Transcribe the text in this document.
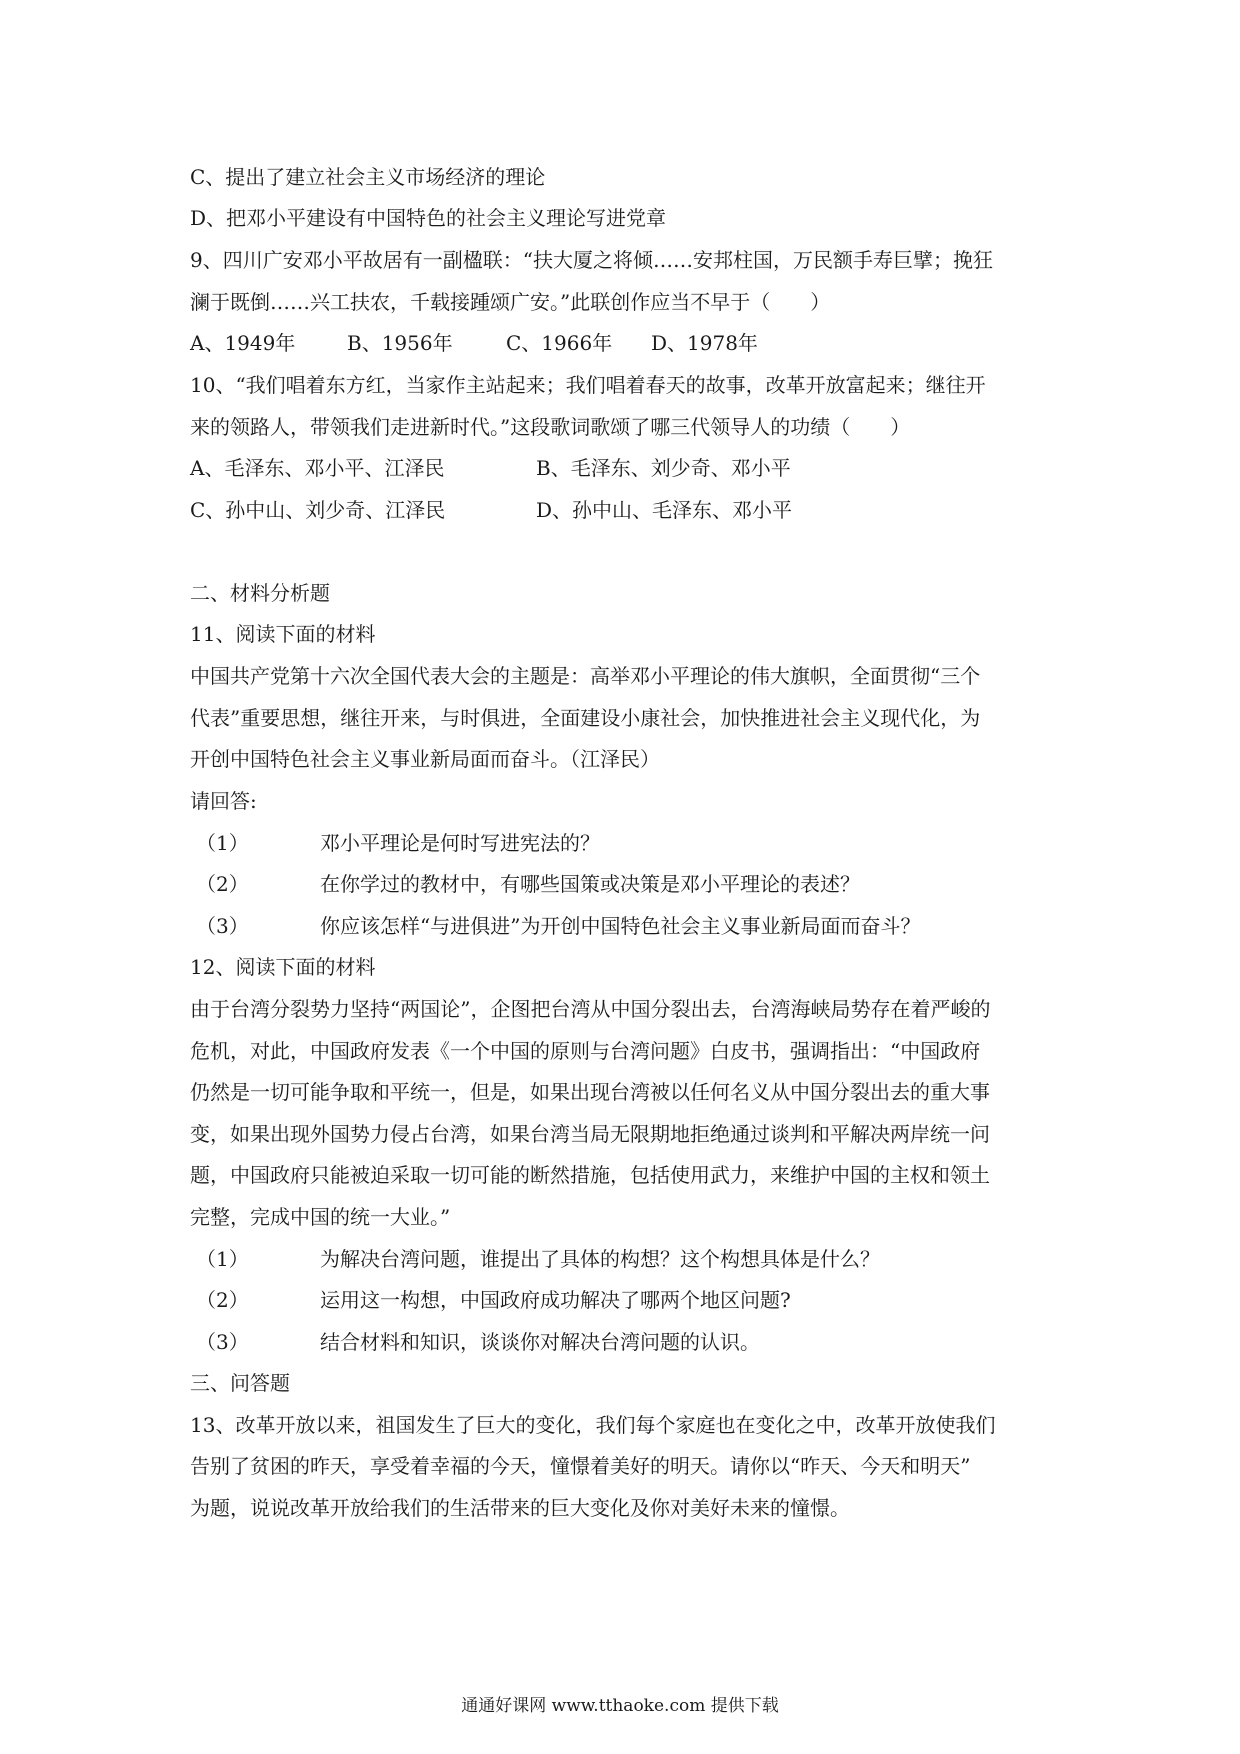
C、提出了建立社会主义市场经济的理论
D、把邓小平建设有中国特色的社会主义理论写进党章
9、四川广安邓小平故居有一副楹联：“扶大厦之将倾……安邦柱国，万民额手寿巨擘；挽狂
澜于既倒……兴工扶农，千载接踵颂广安。”此联创作应当不早于（　　）
A、1949年	B、1956年	C、1966年 D、1978年
10、“我们唱着东方红，当家作主站起来；我们唱着春天的故事，改革开放富起来；继往开
来的领路人，带领我们走进新时代。”这段歌词歌颂了哪三代领导人的功绩（　　）
A、毛泽东、邓小平、江泽民	B、毛泽东、刘少奇、邓小平
C、孙中山、刘少奇、江泽民	D、孙中山、毛泽东、邓小平
二、材料分析题
11、阅读下面的材料
中国共产党第十六次全国代表大会的主题是：高举邓小平理论的伟大旗帜，全面贯彻“三个
代表”重要思想，继往开来，与时俱进，全面建设小康社会，加快推进社会主义现代化，为
开创中国特色社会主义事业新局面而奋斗。（江泽民）
请回答:
（1）	邓小平理论是何时写进宪法的？
（2）	在你学过的教材中，有哪些国策或决策是邓小平理论的表述？
（3）	你应该怎样“与进俱进”为开创中国特色社会主义事业新局面而奋斗？
12、阅读下面的材料
由于台湾分裂势力坚持“两国论”，企图把台湾从中国分裂出去，台湾海峡局势存在着严峻的
危机，对此，中国政府发表《一个中国的原则与台湾问题》白皮书，强调指出：“中国政府
仍然是一切可能争取和平统一，但是，如果出现台湾被以任何名义从中国分裂出去的重大事
变，如果出现外国势力侵占台湾，如果台湾当局无限期地拒绝通过谈判和平解决两岸统一问
题，中国政府只能被迫采取一切可能的断然措施，包括使用武力，来维护中国的主权和领土
完整，完成中国的统一大业。”
（1）	为解决台湾问题，谁提出了具体的构想？这个构想具体是什么？
（2）	运用这一构想，中国政府成功解决了哪两个地区问题?
（3）	结合材料和知识，谈谈你对解决台湾问题的认识。
三、问答题
13、改革开放以来，祖国发生了巨大的变化，我们每个家庭也在变化之中，改革开放使我们
告别了贫困的昨天，享受着幸福的今天，憧憬着美好的明天。请你以“昨天、今天和明天”
为题，说说改革开放给我们的生活带来的巨大变化及你对美好未来的憧憬。
通通好课网 www.tthaoke.com 提供下载
